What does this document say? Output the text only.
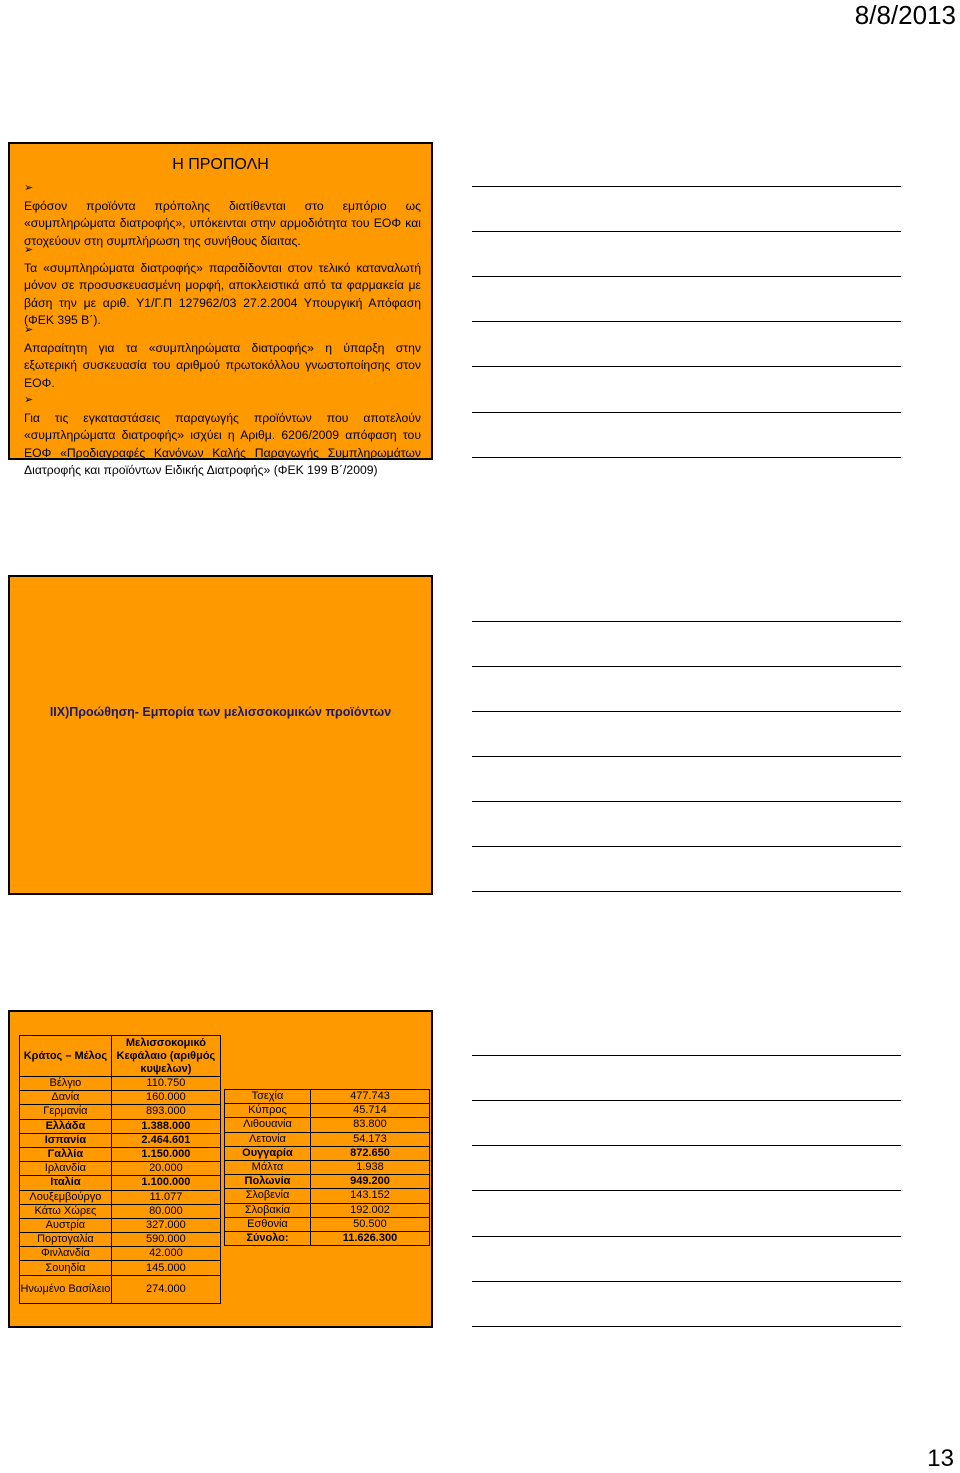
8/8/2013
Η ΠΡΟΠΟΛΗ
➢
Εφόσον προϊόντα πρόπολης διατίθενται στο εμπόριο ως «συμπληρώματα διατροφής», υπόκεινται στην αρμοδιότητα του ΕΟΦ και στοχεύουν στη συμπλήρωση της συνήθους δίαιτας.
➢
Τα «συμπληρώματα διατροφής» παραδίδονται στον τελικό καταναλωτή μόνον σε προσυσκευασμένη μορφή, αποκλειστικά από τα φαρμακεία με βάση την με αριθ. Υ1/Γ.Π 127962/03 27.2.2004 Υπουργική Απόφαση (ΦΕΚ 395 Β΄).
➢
Απαραίτητη για τα «συμπληρώματα διατροφής» η ύπαρξη στην εξωτερική συσκευασία του αριθμού πρωτοκόλλου γνωστοποίησης στον ΕΟΦ.
➢
Για τις εγκαταστάσεις παραγωγής προϊόντων που αποτελούν «συμπληρώματα διατροφής» ισχύει η Αριθμ. 6206/2009 απόφαση του ΕΟΦ «Προδιαγραφές Κανόνων Καλής Παραγωγής Συμπληρωμάτων Διατροφής και προϊόντων Ειδικής Διατροφής» (ΦΕΚ 199 Β΄/2009)
IIX)Προώθηση- Εμπορία των μελισσοκομικών προϊόντων
Κράτος – Μέλος	Μελισσοκομικό Κεφάλαιο (αριθμός κυψελων)
Βέλγιο	110.750
Δανία	160.000
Γερμανία	893.000
Ελλάδα	1.388.000
Ισπανία	2.464.601
Γαλλία	1.150.000
Ιρλανδία	20.000
Ιταλία	1.100.000
Λουξεμβούργο	11.077
Κάτω Χώρες	80.000
Αυστρία	327.000
Πορτογαλία	590.000
Φινλανδία	42.000
Σουηδία	145.000
Ηνωμένο Βασίλειο	274.000
Τσεχία	477.743
Κύπρος	45.714
Λιθουανία	83.800
Λετονία	54.173
Ουγγαρία	872.650
Μάλτα	1.938
Πολωνία	949.200
Σλοβενία	143.152
Σλοβακία	192.002
Εσθονία	50.500
Σύνολο:	11.626.300
13
